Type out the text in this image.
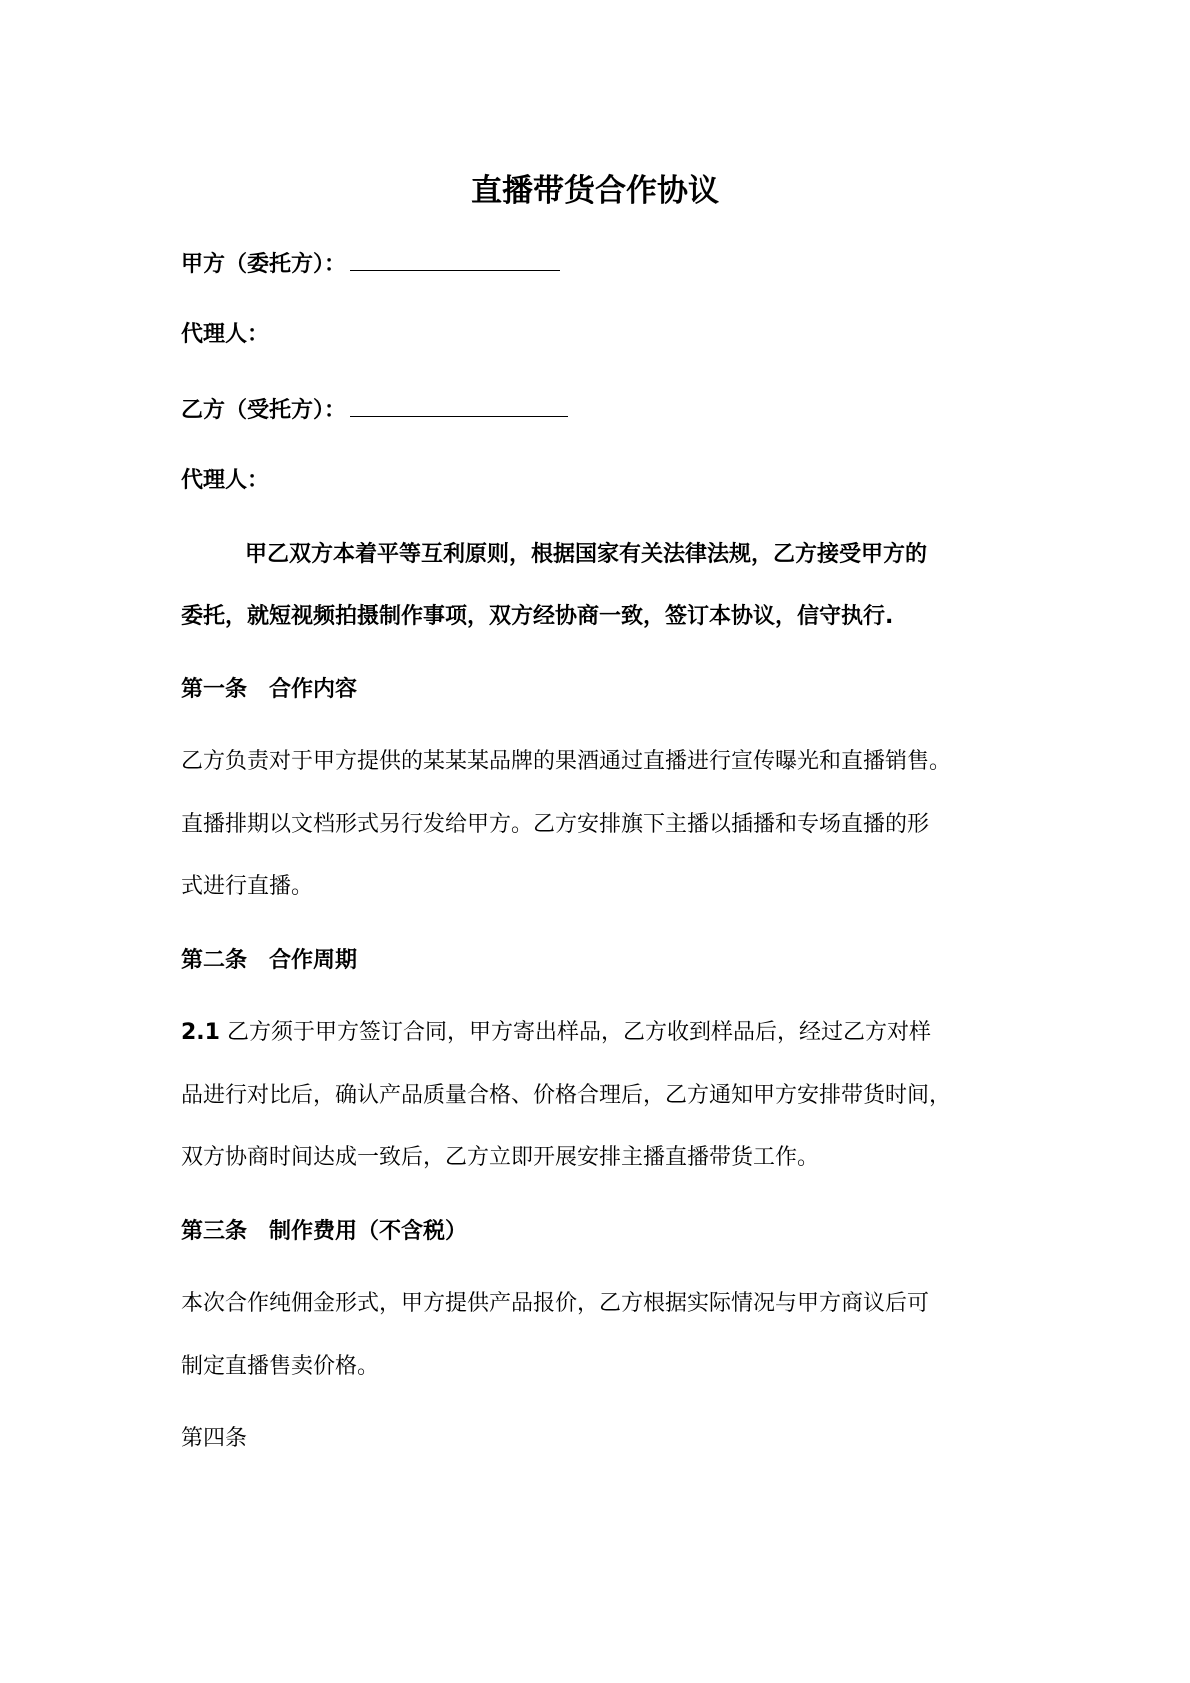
直播带货合作协议
甲方（委托方）：
代理人：
乙方（受托方）：
代理人：
甲乙双方本着平等互利原则，根据国家有关法律法规，乙方接受甲方的
委托，就短视频拍摄制作事项，双方经协商一致，签订本协议，信守执行.
第一条　合作内容
乙方负责对于甲方提供的某某某品牌的果酒通过直播进行宣传曝光和直播销售。
直播排期以文档形式另行发给甲方。乙方安排旗下主播以插播和专场直播的形
式进行直播。
第二条　合作周期
2.1 乙方须于甲方签订合同，甲方寄出样品，乙方收到样品后，经过乙方对样
品进行对比后，确认产品质量合格、价格合理后，乙方通知甲方安排带货时间，
双方协商时间达成一致后，乙方立即开展安排主播直播带货工作。
第三条　制作费用（不含税）
本次合作纯佣金形式，甲方提供产品报价，乙方根据实际情况与甲方商议后可
制定直播售卖价格。
第四条
